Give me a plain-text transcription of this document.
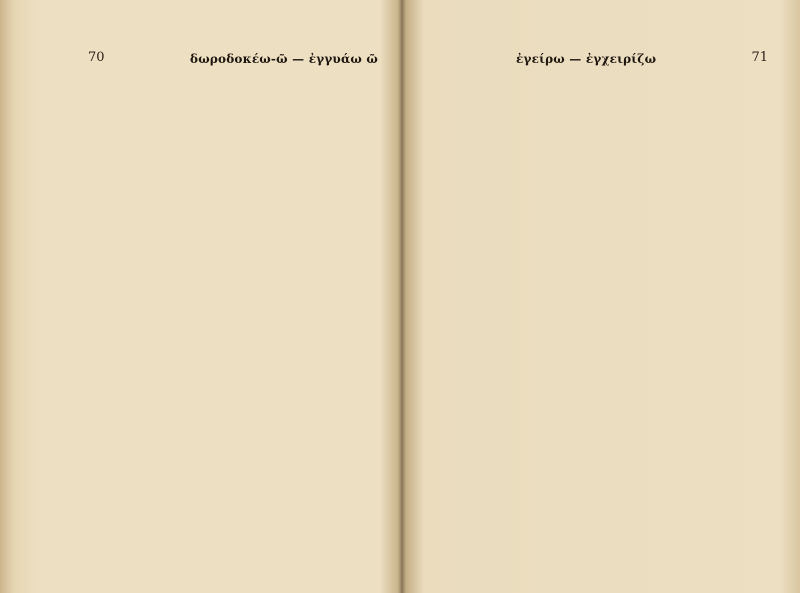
70	δωροδοκέω-ῶ — ἐγγυάω ῶ	ἐγείρω — ἐγχειρίζω	71
